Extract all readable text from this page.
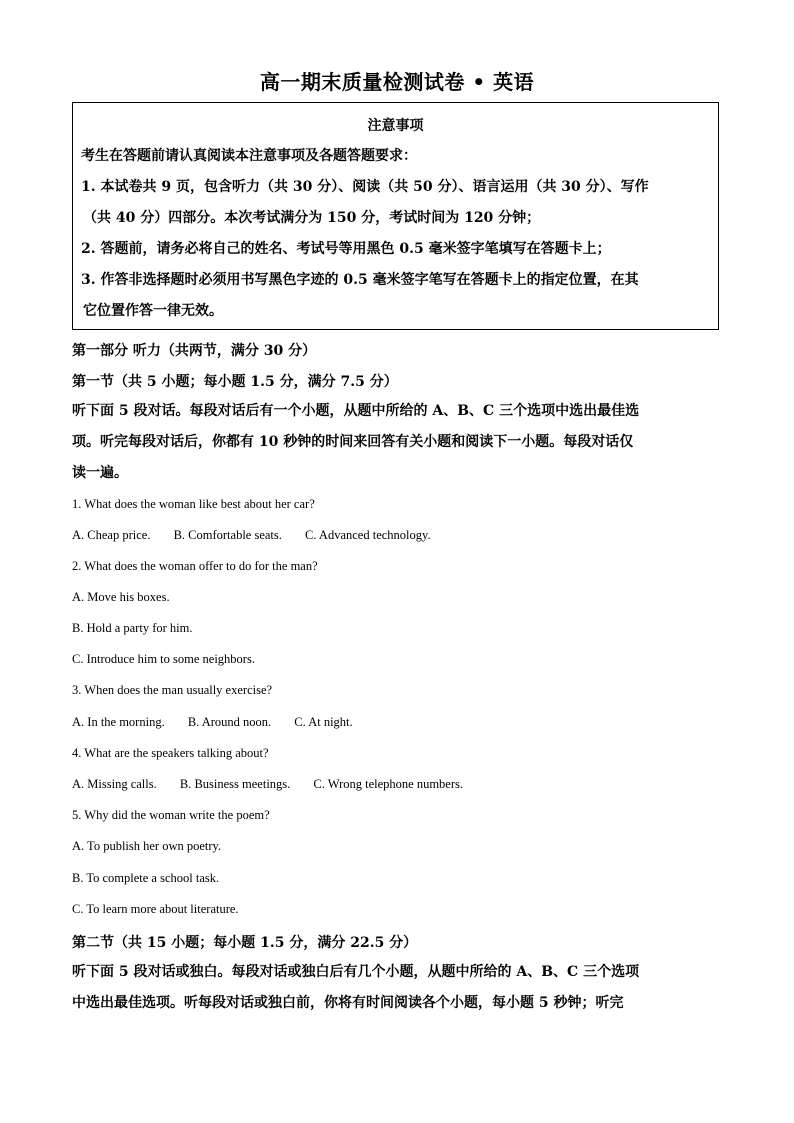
高一期末质量检测试卷 • 英语
注意事项
考生在答题前请认真阅读本注意事项及各题答题要求：
1. 本试卷共 9 页，包含听力（共 30 分）、阅读（共 50 分）、语言运用（共 30 分）、写作
（共 40 分）四部分。本次考试满分为 150 分，考试时间为 120 分钟；
2. 答题前，请务必将自己的姓名、考试号等用黑色 0.5 毫米签字笔填写在答题卡上；
3. 作答非选择题时必须用书写黑色字迹的 0.5 毫米签字笔写在答题卡上的指定位置，在其
它位置作答一律无效。
第一部分 听力（共两节，满分 30 分）
第一节（共 5 小题；每小题 1.5 分，满分 7.5 分）
听下面 5 段对话。每段对话后有一个小题，从题中所给的 A、B、C 三个选项中选出最佳选
项。听完每段对话后，你都有 10 秒钟的时间来回答有关小题和阅读下一小题。每段对话仅
读一遍。
1. What does the woman like best about her car?
A. Cheap price. B. Comfortable seats. C. Advanced technology.
2. What does the woman offer to do for the man?
A. Move his boxes.
B. Hold a party for him.
C. Introduce him to some neighbors.
3. When does the man usually exercise?
A. In the morning. B. Around noon. C. At night.
4. What are the speakers talking about?
A. Missing calls. B. Business meetings. C. Wrong telephone numbers.
5. Why did the woman write the poem?
A. To publish her own poetry.
B. To complete a school task.
C. To learn more about literature.
第二节（共 15 小题；每小题 1.5 分，满分 22.5 分）
听下面 5 段对话或独白。每段对话或独白后有几个小题，从题中所给的 A、B、C 三个选项
中选出最佳选项。听每段对话或独白前，你将有时间阅读各个小题，每小题 5 秒钟；听完
